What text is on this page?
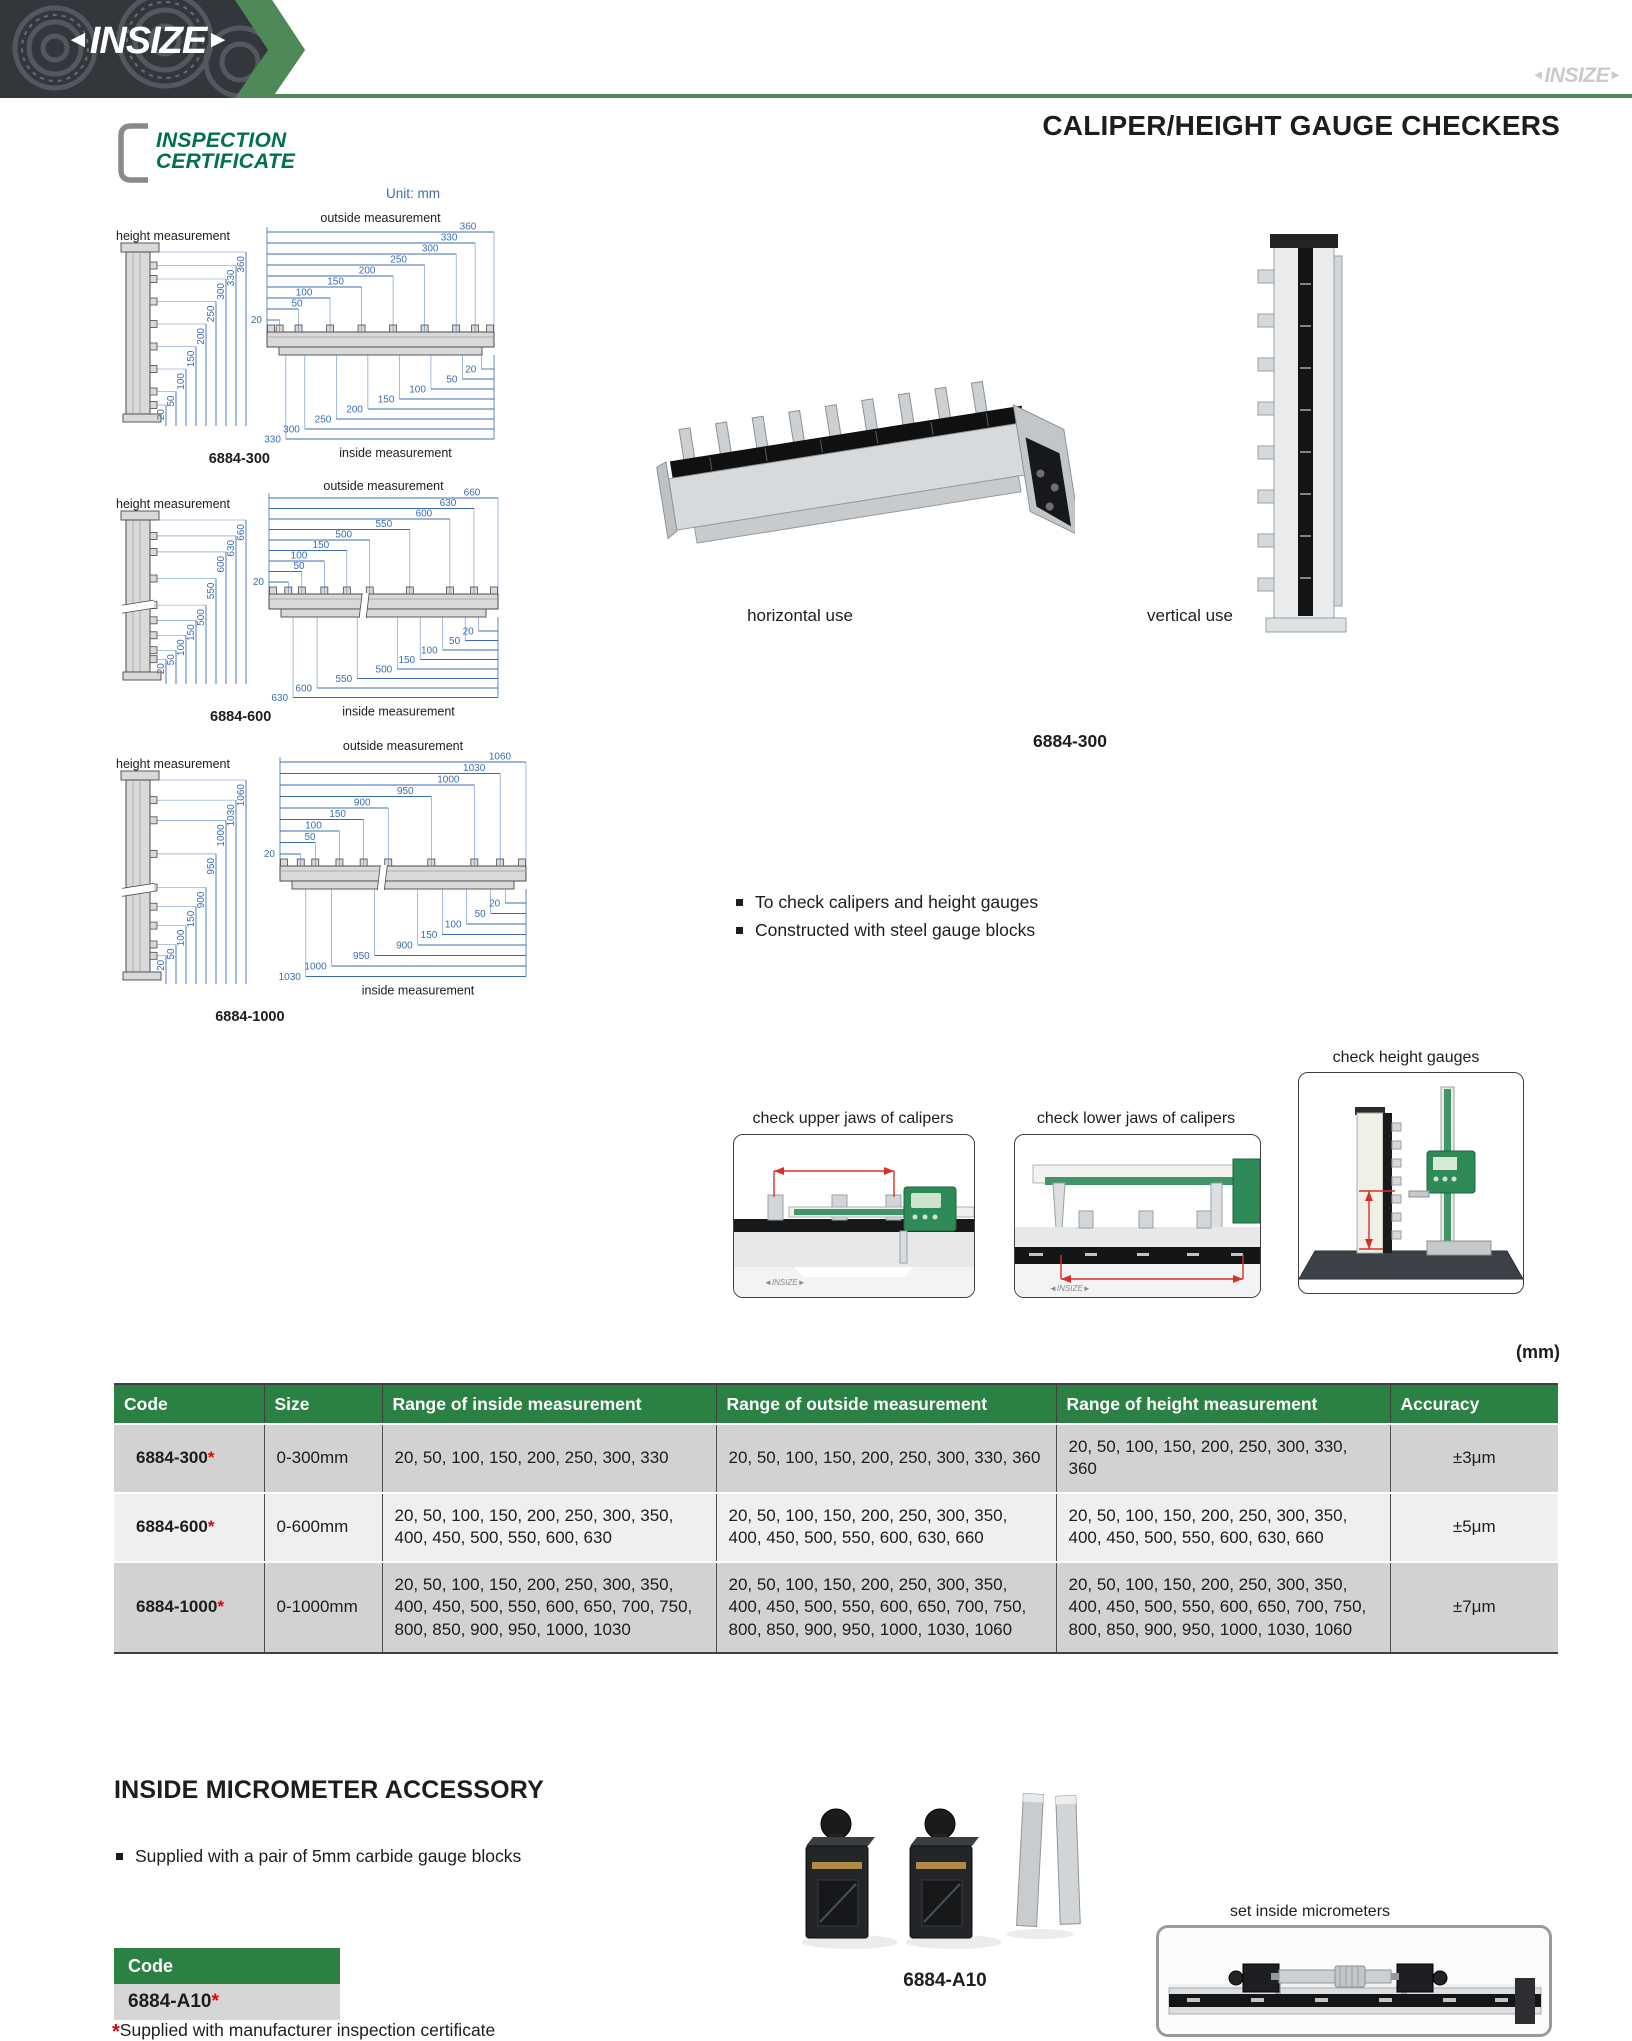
◄INSIZE►
◄INSIZE►
INSPECTION
CERTIFICATE
CALIPER/HEIGHT GAUGE CHECKERS
Unit: mm
height measurement
outside measurement
360
330
300
250
200
150
100
50
20
20
50
100
150
200
250
300
330
inside measurement
6884-300
20
50
100
150
200
250
300
330
360
height measurement
outside measurement 660
630
600
550
500
150
100
50
20
20
50
100
150
500
550
600
630
inside measurement
6884-600
20
50
100
150
500
550
600
630
660
height measurement
outside measurement
1060
1030
1000
950
900
150
100
50
20
20
50
100
150
900
950
1000
1030
inside measurement
6884-1000
20
50
100
150
900
950
1000
1030
1060
horizontal use	vertical use
6884-300
To check calipers and height gauges
Constructed with steel gauge blocks
check upper jaws of calipers
◄INSIZE►
check lower jaws of calipers
◄INSIZE►
check height gauges
(mm)
Code	Size	Range of inside measurement	Range of outside measurement	Range of height measurement	Accuracy
6884-300*	0-300mm	20, 50, 100, 150, 200, 250, 300, 330	20, 50, 100, 150, 200, 250, 300, 330, 360	20, 50, 100, 150, 200, 250, 300, 330, 360	±3μm
6884-600*	0-600mm	20, 50, 100, 150, 200, 250, 300, 350, 400, 450, 500, 550, 600, 630	20, 50, 100, 150, 200, 250, 300, 350, 400, 450, 500, 550, 600, 630, 660	20, 50, 100, 150, 200, 250, 300, 350, 400, 450, 500, 550, 600, 630, 660	±5μm
6884-1000*	0-1000mm	20, 50, 100, 150, 200, 250, 300, 350, 400, 450, 500, 550, 600, 650, 700, 750, 800, 850, 900, 950, 1000, 1030	20, 50, 100, 150, 200, 250, 300, 350, 400, 450, 500, 550, 600, 650, 700, 750, 800, 850, 900, 950, 1000, 1030, 1060	20, 50, 100, 150, 200, 250, 300, 350, 400, 450, 500, 550, 600, 650, 700, 750, 800, 850, 900, 950, 1000, 1030, 1060	±7μm
INSIDE MICROMETER ACCESSORY
Supplied with a pair of 5mm carbide gauge blocks
6884-A10
set inside micrometers
Code
6884-A10*
*Supplied with manufacturer inspection certificate
